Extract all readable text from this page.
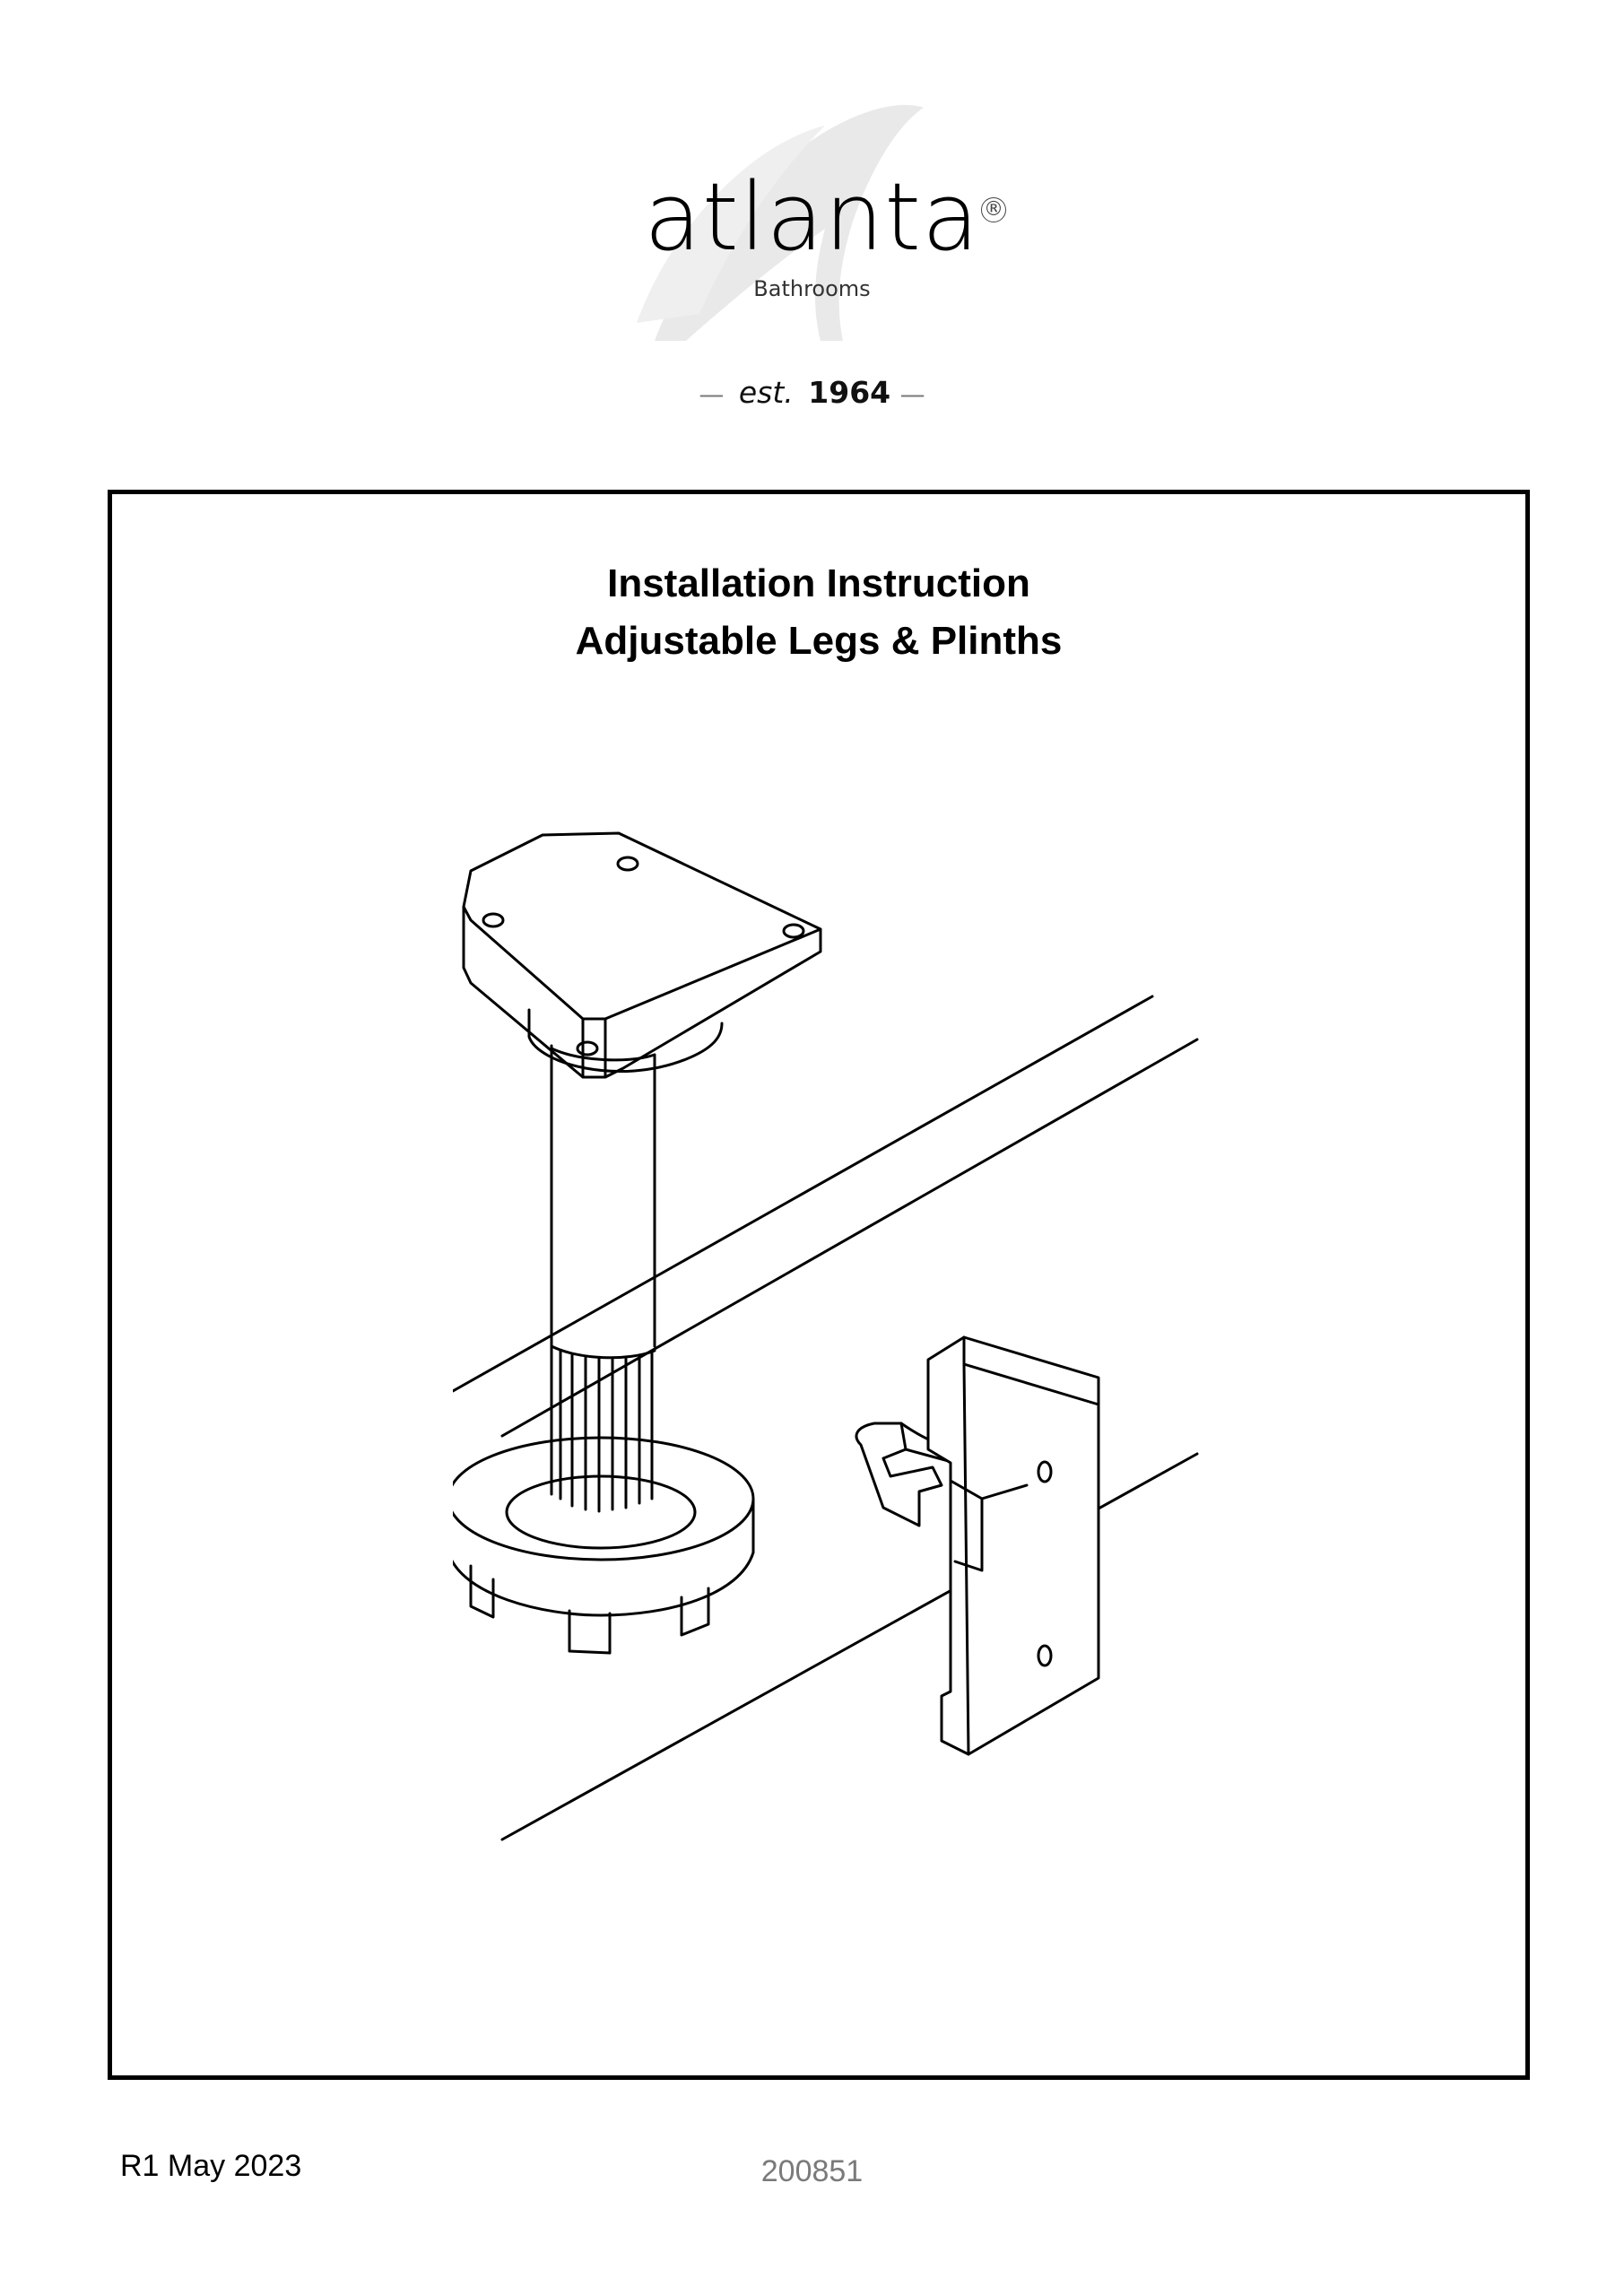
atlanta ®
Bathrooms
— est. 1964 —
Installation Instruction
Adjustable Legs & Plinths
R1 May 2023	200851
